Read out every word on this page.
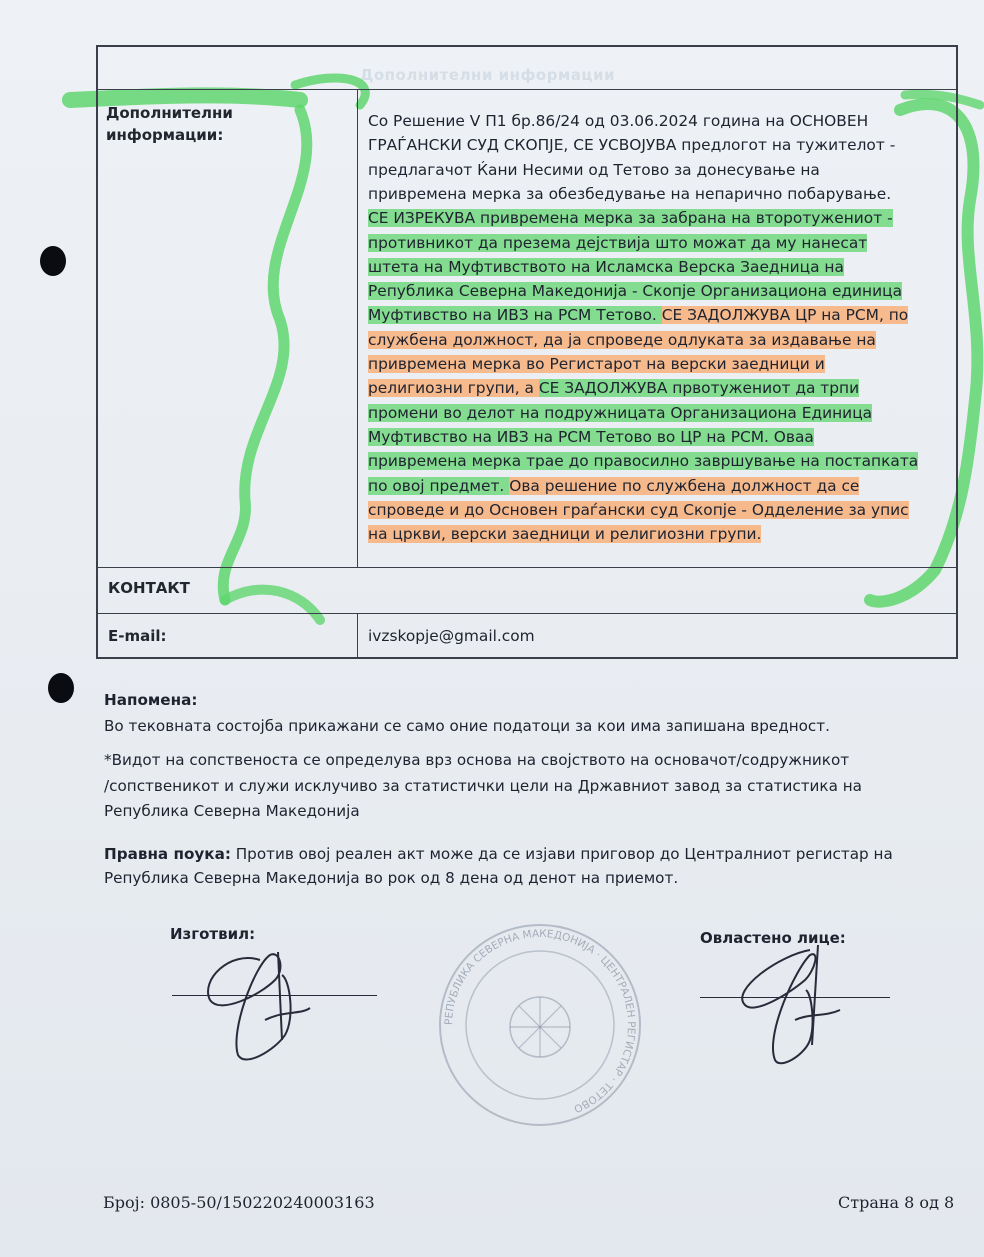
Дополнителни информации
Дополнителни информации:
Со Решение V П1 бр.86/24 од 03.06.2024 година на ОСНОВЕН
ГРАЃАНСКИ СУД СКОПЈЕ, СЕ УСВОЈУВА предлогот на тужителот -
предлагачот Ќани Несими од Тетово за донесување на
привремена мерка за обезбедување на непарично побарување.
СЕ ИЗРЕКУВА привремена мерка за забрана на второтужениот -
противникот да презема дејствија што можат да му нанесат
штета на Муфтивството на Исламска Верска Заедница на
Република Северна Македонија - Скопје Организациона единица
Муфтивство на ИВЗ на РСМ Тетово. СЕ ЗАДОЛЖУВА ЦР на РСМ, по
службена должност, да ја спроведе одлуката за издавање на
привремена мерка во Регистарот на верски заедници и
религиозни групи, а СЕ ЗАДОЛЖУВА првотужениот да трпи
промени во делот на подружницата Организациона Единица
Муфтивство на ИВЗ на РСМ Тетово во ЦР на РСМ. Оваа
привремена мерка трае до правосилно завршување на постапката
по овој предмет. Ова решение по службена должност да се
спроведе и до Основен граѓански суд Скопје - Одделение за упис
на цркви, верски заедници и религиозни групи.
КОНТАКТ
E-mail:	ivzskopje@gmail.com
Напомена:
Во тековната состојба прикажани се само оние податоци за кои има запишана вредност.
*Видот на сопственоста се определува врз основа на својството на основачот/содружникот
/сопственикот и служи исклучиво за статистички цели на Државниот завод за статистика на
Република Северна Македонија
Правна поука: Против овој реален акт може да се изјави приговор до Централниот регистар на
Република Северна Македонија во рок од 8 дена од денот на приемот.
Изготвил:	Овластено лице:
РЕПУБЛИКА СЕВЕРНА МАКЕДОНИЈА · ЦЕНТРАЛЕН РЕГИСТАР · ТЕТОВО
Број: 0805-50/150220240003163	Страна 8 од 8
